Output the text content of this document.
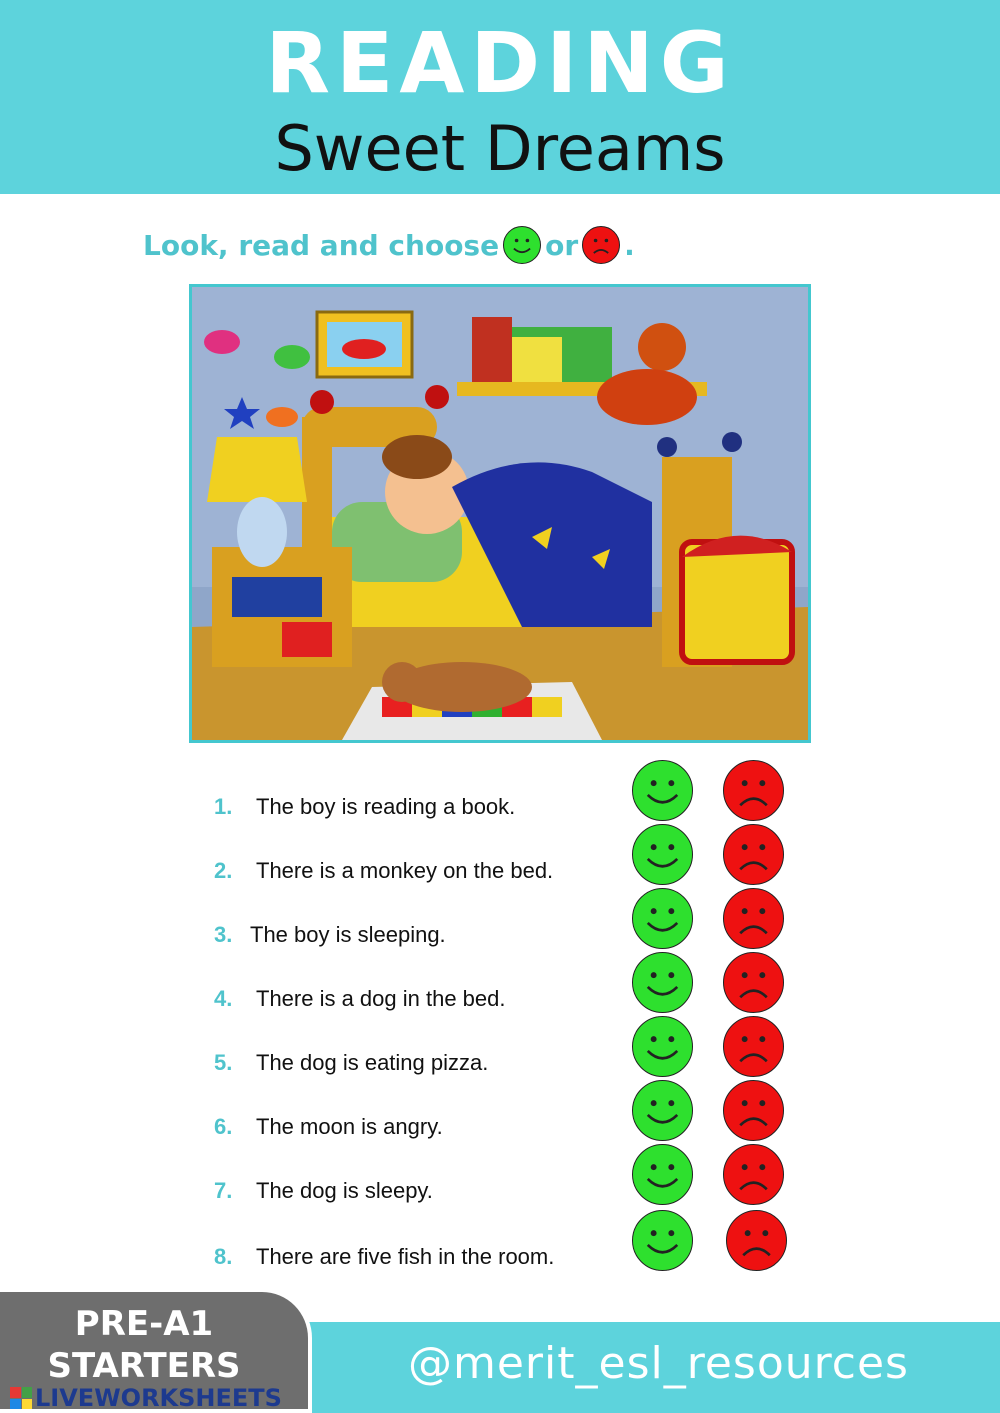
READING
Sweet Dreams
Look, read and choose or .
1. The boy is reading a book.
2. There is a monkey on the bed.
3. The boy is sleeping.
4. There is a dog in the bed.
5. The dog is eating pizza.
6. The moon is angry.
7. The dog is sleepy.
8. There are five fish in the room.
@merit_esl_resources
PRE-A1
STARTERS
LIVEWORKSHEETS
